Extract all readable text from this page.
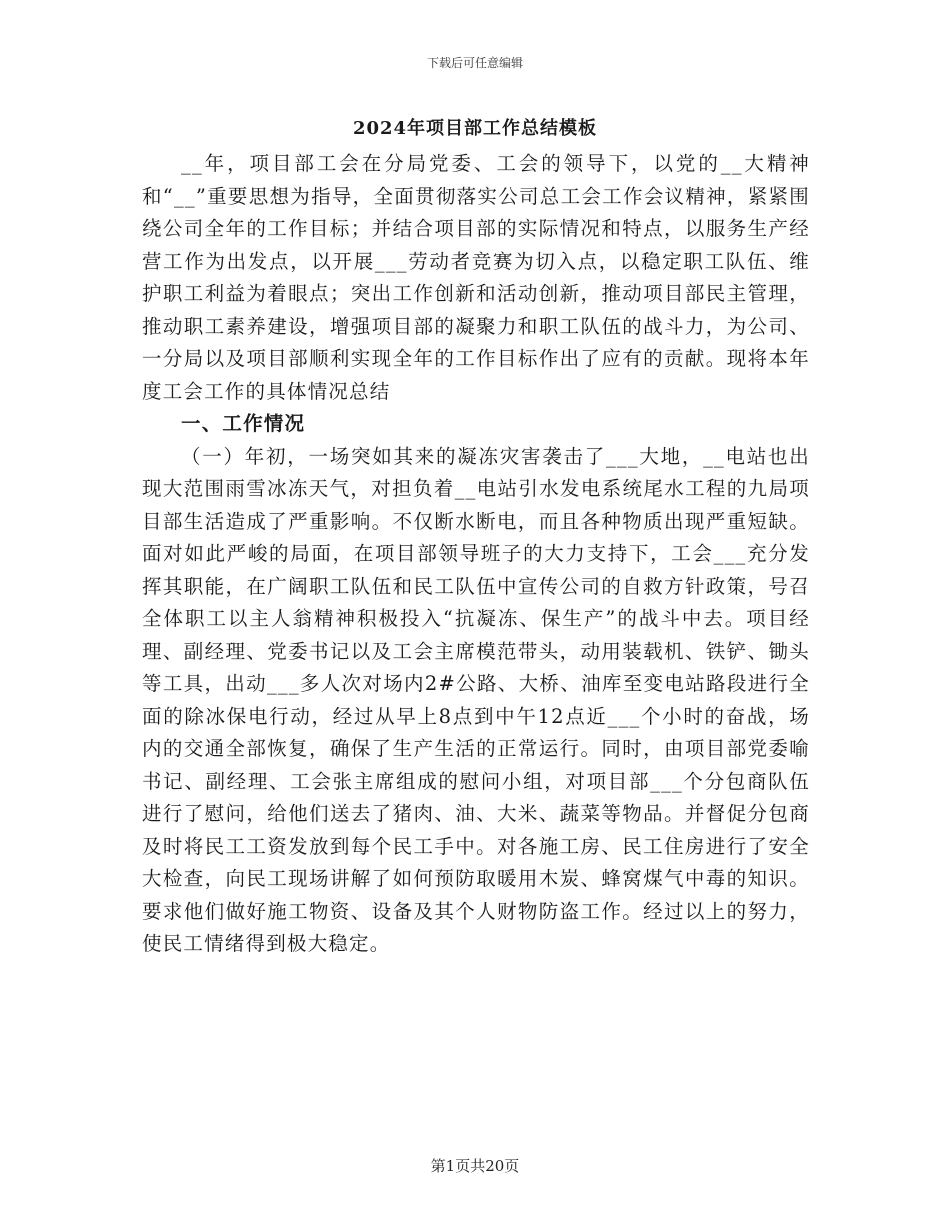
下载后可任意编辑
2024年项目部工作总结模板

__年，项目部工会在分局党委、工会的领导下，以党的__大精神和“__”重要思想为指导，全面贯彻落实公司总工会工作会议精神，紧紧围绕公司全年的工作目标；并结合项目部的实际情况和特点，以服务生产经营工作为出发点，以开展___劳动者竞赛为切入点，以稳定职工队伍、维护职工利益为着眼点；突出工作创新和活动创新，推动项目部民主管理，推动职工素养建设，增强项目部的凝聚力和职工队伍的战斗力，为公司、一分局以及项目部顺利实现全年的工作目标作出了应有的贡献。现将本年度工会工作的具体情况总结

一、工作情况

（一）年初，一场突如其来的凝冻灾害袭击了___大地，__电站也出现大范围雨雪冰冻天气，对担负着__电站引水发电系统尾水工程的九局项目部生活造成了严重影响。不仅断水断电，而且各种物质出现严重短缺。面对如此严峻的局面，在项目部领导班子的大力支持下，工会___充分发挥其职能，在广阔职工队伍和民工队伍中宣传公司的自救方针政策，号召全体职工以主人翁精神积极投入“抗凝冻、保生产”的战斗中去。项目经理、副经理、党委书记以及工会主席模范带头，动用装载机、铁铲、锄头等工具，出动___多人次对场内2#公路、大桥、油库至变电站路段进行全面的除冰保电行动，经过从早上8点到中午12点近___个小时的奋战，场内的交通全部恢复，确保了生产生活的正常运行。同时，由项目部党委喻书记、副经理、工会张主席组成的慰问小组，对项目部___个分包商队伍进行了慰问，给他们送去了猪肉、油、大米、蔬菜等物品。并督促分包商及时将民工工资发放到每个民工手中。对各施工房、民工住房进行了安全大检查，向民工现场讲解了如何预防取暖用木炭、蜂窝煤气中毒的知识。要求他们做好施工物资、设备及其个人财物防盗工作。经过以上的努力，使民工情绪得到极大稳定。

第1页共20页
